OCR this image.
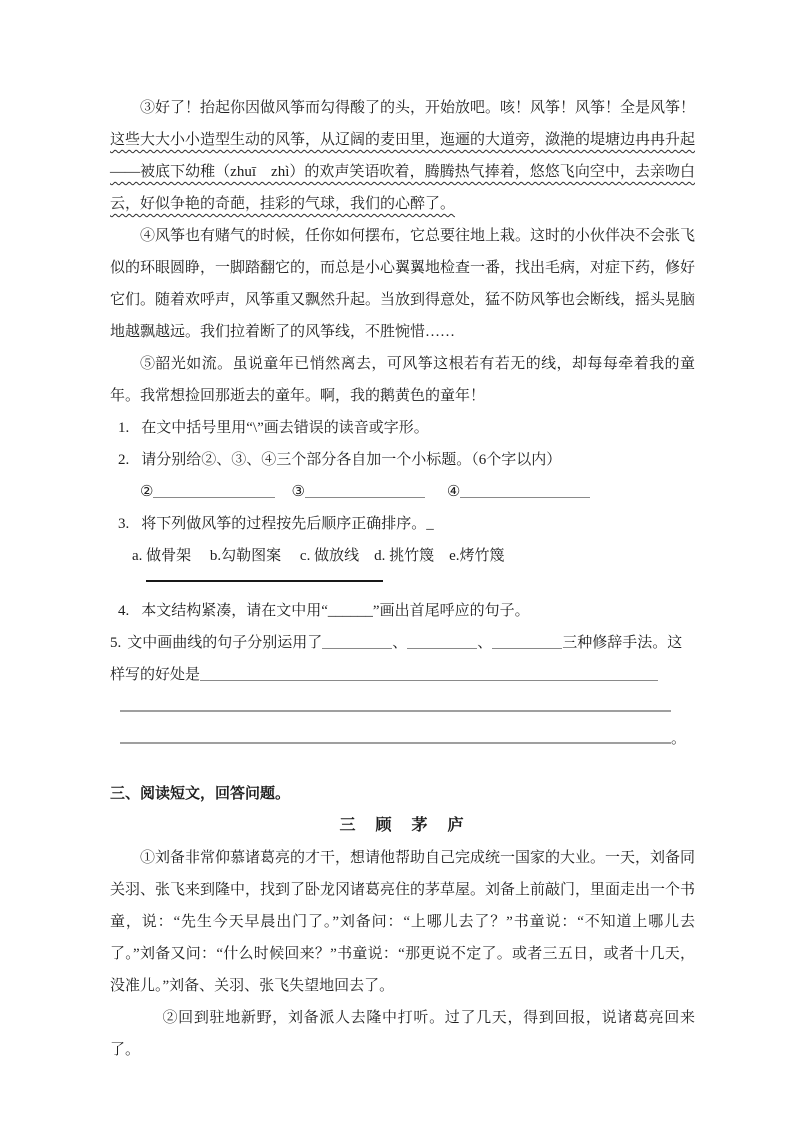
③好了！抬起你因做风筝而勾得酸了的头，开始放吧。咳！风筝！风筝！全是风筝！这些大大小小造型生动的风筝，从辽阔的麦田里，迤逦的大道旁，潋滟的堤塘边冉冉升起——被底下幼稚（zhuī　zhì）的欢声笑语吹着，腾腾热气捧着，悠悠飞向空中，去亲吻白云，好似争艳的奇葩，挂彩的气球，我们的心醉了。

④风筝也有赌气的时候，任你如何摆布，它总要往地上栽。这时的小伙伴决不会张飞似的环眼圆睁，一脚踏翻它的，而总是小心翼翼地检查一番，找出毛病，对症下药，修好它们。随着欢呼声，风筝重又飘然升起。当放到得意处，猛不防风筝也会断线，摇头晃脑地越飘越远。我们拉着断了的风筝线，不胜惋惜……

⑤韶光如流。虽说童年已悄然离去，可风筝这根若有若无的线，却每每牵着我的童年。我常想捡回那逝去的童年。啊，我的鹅黄色的童年！

1. 在文中括号里用“\”画去错误的读音或字形。
2. 请分别给②、③、④三个部分各自加一个小标题。（6个字以内）
②	③	④
3. 将下列做风筝的过程按先后顺序正确排序。_
a. 做骨架　 b.勾勒图案　 c. 做放线　d. 挑竹篾　e.烤竹篾
4. 本文结构紧凑，请在文中用“______”画出首尾呼应的句子。
5. 文中画曲线的句子分别运用了	、	、	三种修辞手法。这
样写的好处是
。
三、阅读短文，回答问题。
三　顾　茅　庐

①刘备非常仰慕诸葛亮的才干，想请他帮助自己完成统一国家的大业。一天，刘备同关羽、张飞来到隆中，找到了卧龙冈诸葛亮住的茅草屋。刘备上前敲门，里面走出一个书童，说：“先生今天早晨出门了。”刘备问：“上哪儿去了？”书童说：“不知道上哪儿去了。”刘备又问：“什么时候回来？”书童说：“那更说不定了。或者三五日，或者十几天，没准儿。”刘备、关羽、张飞失望地回去了。

②回到驻地新野，刘备派人去隆中打听。过了几天，得到回报，说诸葛亮回来了。
